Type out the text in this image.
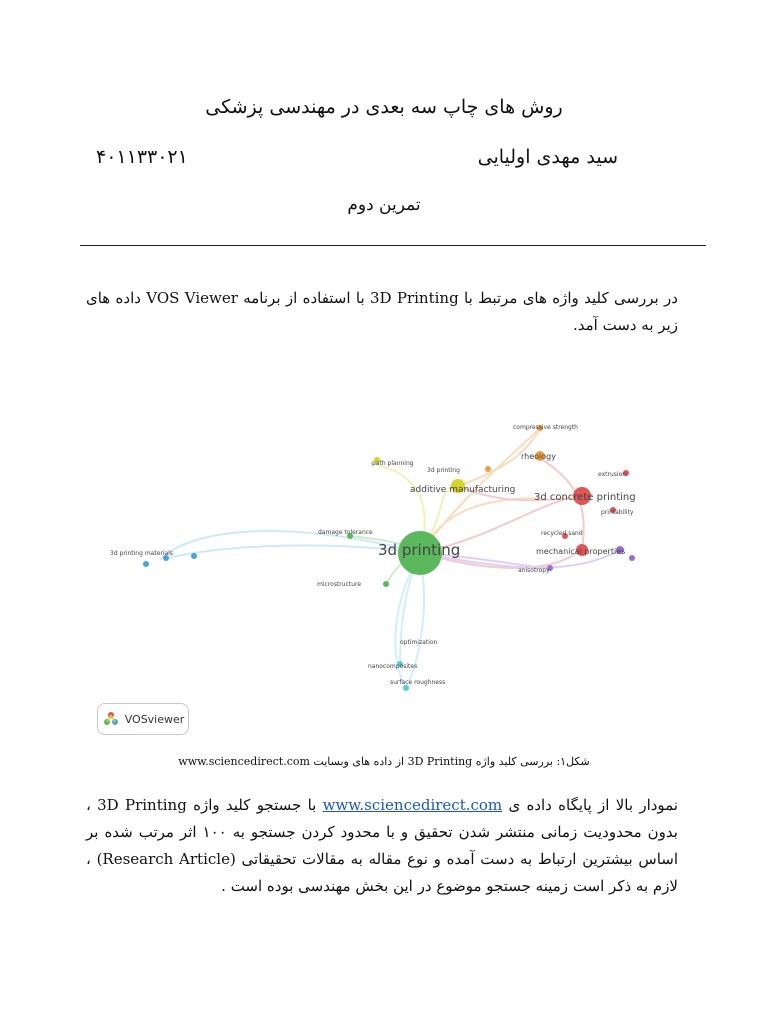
روش های چاپ سه بعدی در مهندسی پزشکی
سید مهدی اولیایی
۴۰۱۱۳۳۰۲۱
تمرین دوم
در بررسی کلید واژه های مرتبط با 3D Printing با استفاده از برنامه VOS Viewer داده های زیر به دست آمد.
3d printing
additive manufacturing
3d concrete printing
rheology
compressive strength
3d printing
path planning
extrusion
printability
recycled sand
mechanical properties
anisotropy
damage tolerance
microstructure
3d printing materials
optimization
nanocomposites
surface roughness
VOSviewer
شکل۱: بررسی کلید واژه 3D Printing از داده های وبسایت www.sciencedirect.com
نمودار بالا از پایگاه داده ی www.sciencedirect.com با جستجو کلید واژه 3D Printing ، بدون محدودیت زمانی منتشر شدن تحقیق و با محدود کردن جستجو به ۱۰۰ اثر مرتب شده بر اساس بیشترین ارتباط به دست آمده و نوع مقاله به مقالات تحقیقاتی (Research Article) ، لازم به ذکر است زمینه جستجو موضوع در این بخش مهندسی بوده است .
